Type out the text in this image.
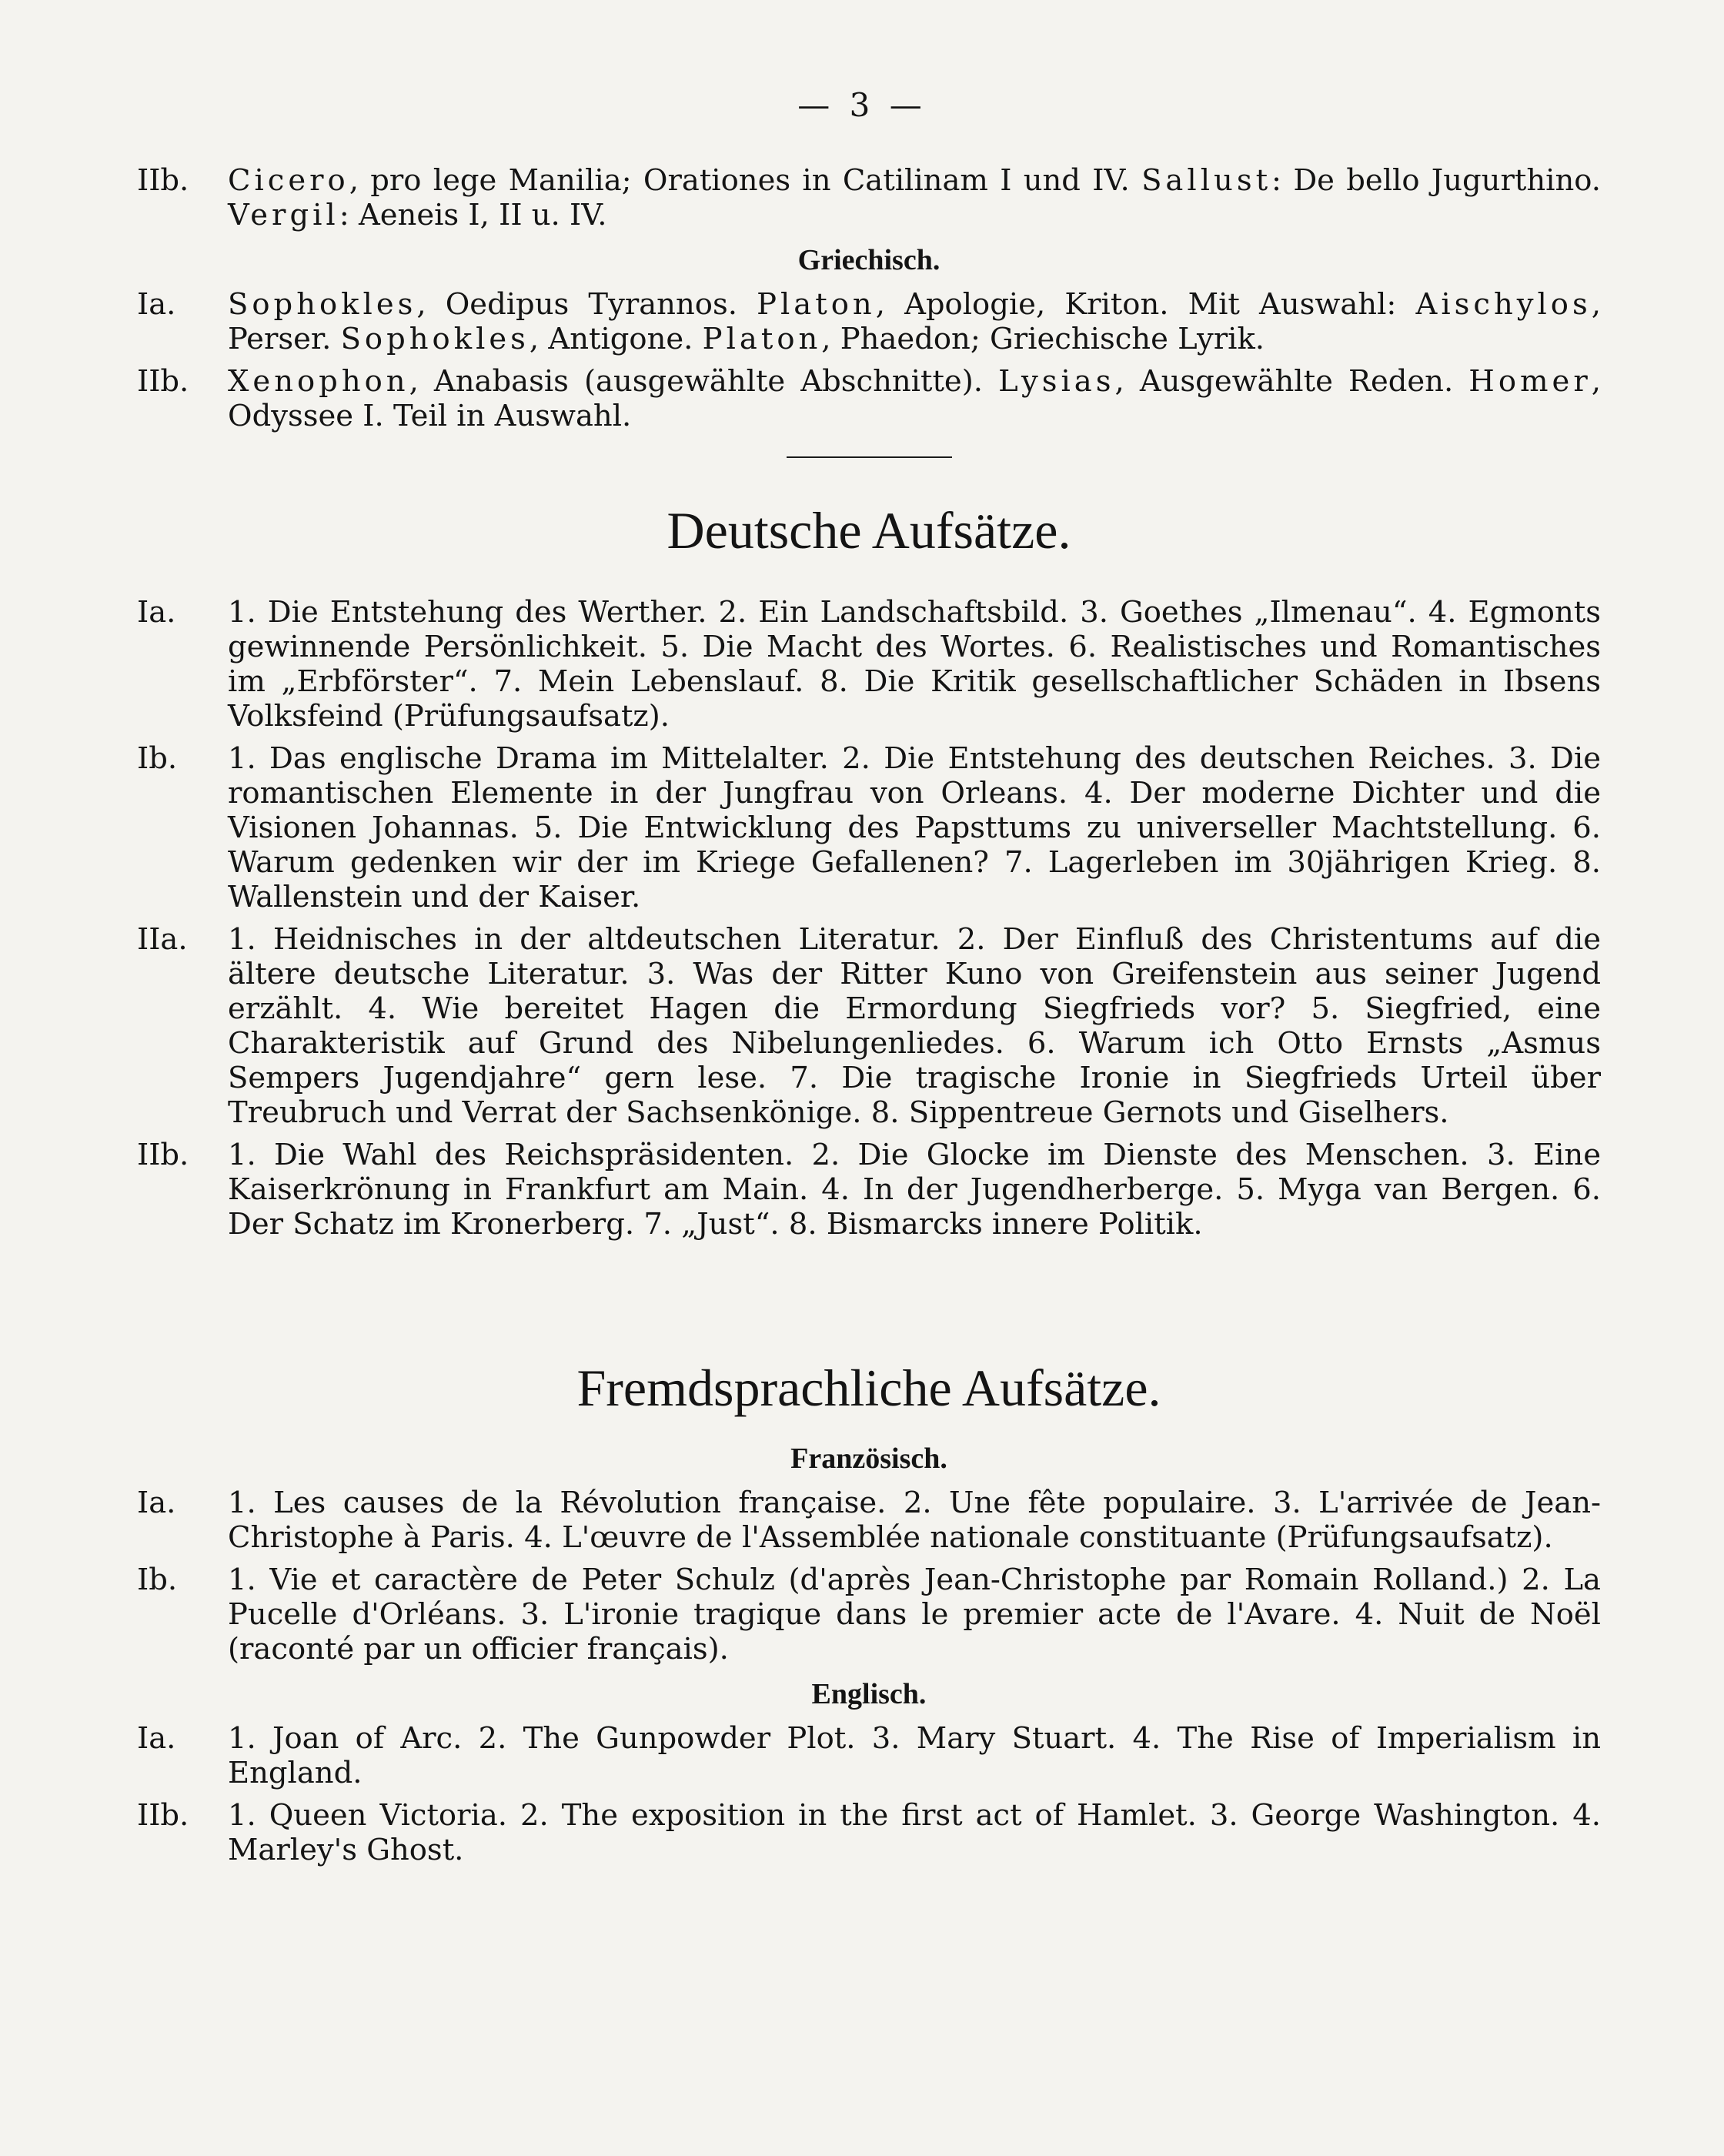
— 3 —
IIb.	Cicero, pro lege Manilia; Orationes in Catilinam I und IV. Sallust: De bello Jugurthino. Vergil: Aeneis I, II u. IV.
Griechisch.
Ia.	Sophokles, Oedipus Tyrannos. Platon, Apologie, Kriton. Mit Auswahl: Aischylos, Perser. Sophokles, Antigone. Platon, Phaedon; Griechische Lyrik.
IIb.	Xenophon, Anabasis (ausgewählte Abschnitte). Lysias, Ausgewählte Reden. Homer, Odyssee I. Teil in Auswahl.
Deutsche Aufsätze.
Ia.	1. Die Entstehung des Werther. 2. Ein Landschaftsbild. 3. Goethes „Ilmenau“. 4. Egmonts gewinnende Persönlichkeit. 5. Die Macht des Wortes. 6. Realistisches und Romantisches im „Erbförster“. 7. Mein Lebenslauf. 8. Die Kritik gesellschaftlicher Schäden in Ibsens Volksfeind (Prüfungsaufsatz).
Ib.	1. Das englische Drama im Mittelalter. 2. Die Entstehung des deutschen Reiches. 3. Die romantischen Elemente in der Jungfrau von Orleans. 4. Der moderne Dichter und die Visionen Johannas. 5. Die Entwicklung des Papsttums zu universeller Machtstellung. 6. Warum gedenken wir der im Kriege Gefallenen? 7. Lagerleben im 30jährigen Krieg. 8. Wallenstein und der Kaiser.
IIa.	1. Heidnisches in der altdeutschen Literatur. 2. Der Einfluß des Christentums auf die ältere deutsche Literatur. 3. Was der Ritter Kuno von Greifenstein aus seiner Jugend erzählt. 4. Wie bereitet Hagen die Ermordung Siegfrieds vor? 5. Siegfried, eine Charakteristik auf Grund des Nibelungenliedes. 6. Warum ich Otto Ernsts „Asmus Sempers Jugendjahre“ gern lese. 7. Die tragische Ironie in Siegfrieds Urteil über Treubruch und Verrat der Sachsenkönige. 8. Sippentreue Gernots und Giselhers.
IIb.	1. Die Wahl des Reichspräsidenten. 2. Die Glocke im Dienste des Menschen. 3. Eine Kaiserkrönung in Frankfurt am Main. 4. In der Jugendherberge. 5. Myga van Bergen. 6. Der Schatz im Kronerberg. 7. „Just“. 8. Bismarcks innere Politik.
Fremdsprachliche Aufsätze.
Französisch.
Ia.	1. Les causes de la Révolution française. 2. Une fête populaire. 3. L'arrivée de Jean-Christophe à Paris. 4. L'œuvre de l'Assemblée nationale constituante (Prüfungsaufsatz).
Ib.	1. Vie et caractère de Peter Schulz (d'après Jean-Christophe par Romain Rolland.) 2. La Pucelle d'Orléans. 3. L'ironie tragique dans le premier acte de l'Avare. 4. Nuit de Noël (raconté par un officier français).
Englisch.
Ia.	1. Joan of Arc. 2. The Gunpowder Plot. 3. Mary Stuart. 4. The Rise of Imperialism in England.
IIb.	1. Queen Victoria. 2. The exposition in the first act of Hamlet. 3. George Washington. 4. Marley's Ghost.
